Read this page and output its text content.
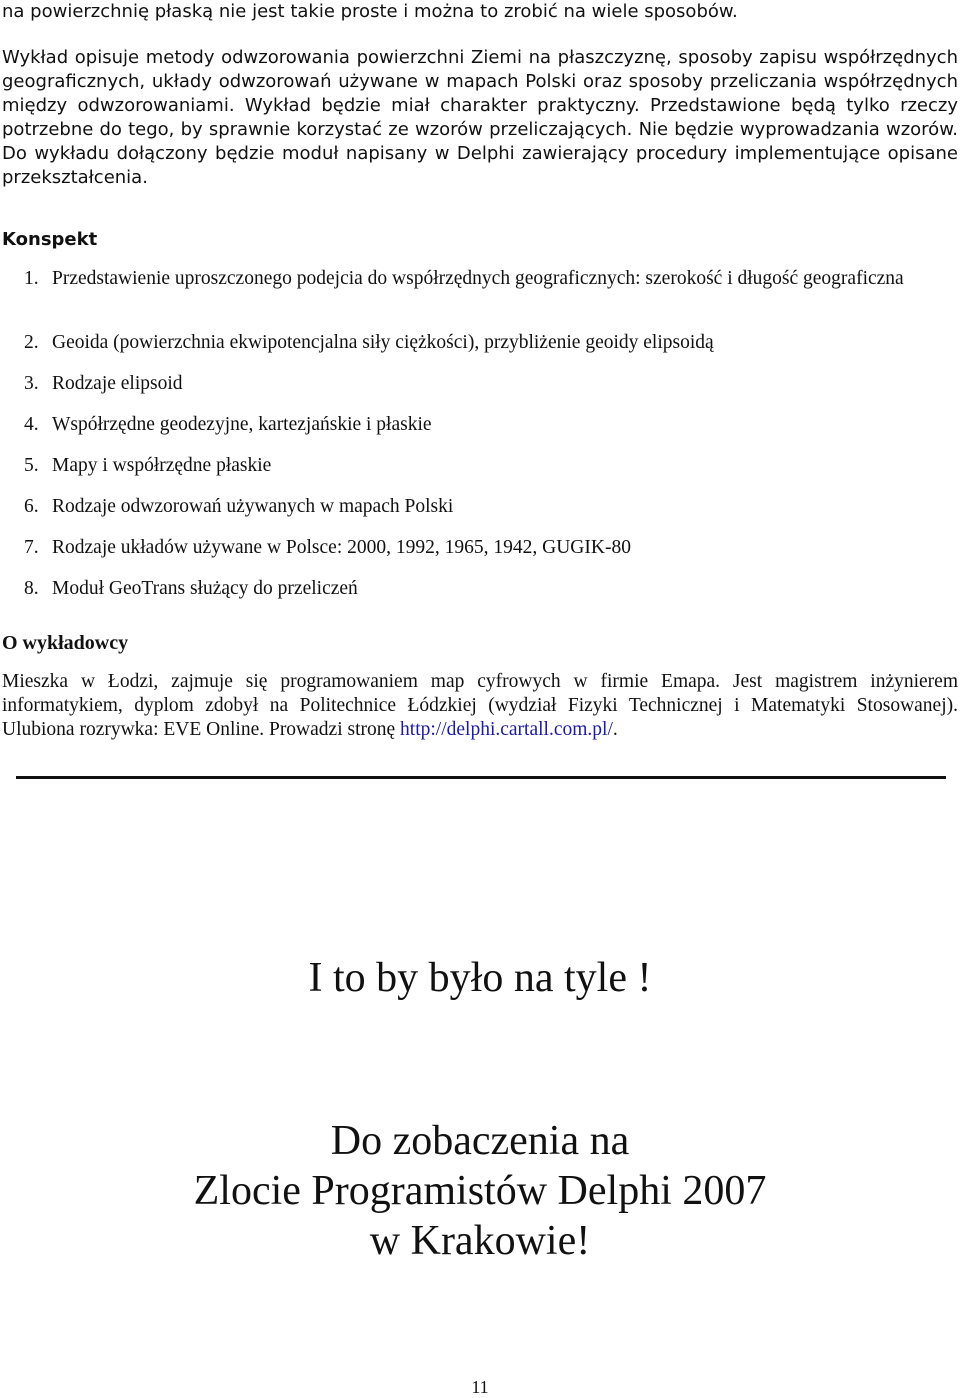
na powierzchnię płaską nie jest takie proste i można to zrobić na wiele sposobów.

Wykład opisuje metody odwzorowania powierzchni Ziemi na płaszczyznę, sposoby zapisu współrzędnych geograficznych, układy odwzorowań używane w mapach Polski oraz sposoby przeliczania współrzędnych między odwzorowaniami. Wykład będzie miał charakter praktyczny. Przedstawione będą tylko rzeczy potrzebne do tego, by sprawnie korzystać ze wzorów przeliczających. Nie będzie wyprowadzania wzorów. Do wykładu dołączony będzie moduł napisany w Delphi zawierający procedury implementujące opisane przekształcenia.

Konspekt
1. Przedstawienie uproszczonego podejcia do współrzędnych geograficznych: szerokość i długość geograficzna
2. Geoida (powierzchnia ekwipotencjalna siły ciężkości), przybliżenie geoidy elipsoidą
3. Rodzaje elipsoid
4. Współrzędne geodezyjne, kartezjańskie i płaskie
5. Mapy i współrzędne płaskie
6. Rodzaje odwzorowań używanych w mapach Polski
7. Rodzaje układów używane w Polsce: 2000, 1992, 1965, 1942, GUGIK-80
8. Moduł GeoTrans służący do przeliczeń
O wykładowcy

Mieszka w Łodzi, zajmuje się programowaniem map cyfrowych w firmie Emapa. Jest magistrem inżynierem informatykiem, dyplom zdobył na Politechnice Łódzkiej (wydział Fizyki Technicznej i Matematyki Stosowanej). Ulubiona rozrywka: EVE Online. Prowadzi stronę http://delphi.cartall.com.pl/.

I to by było na tyle !

Do zobaczenia na
Zlocie Programistów Delphi 2007
w Krakowie!

11
